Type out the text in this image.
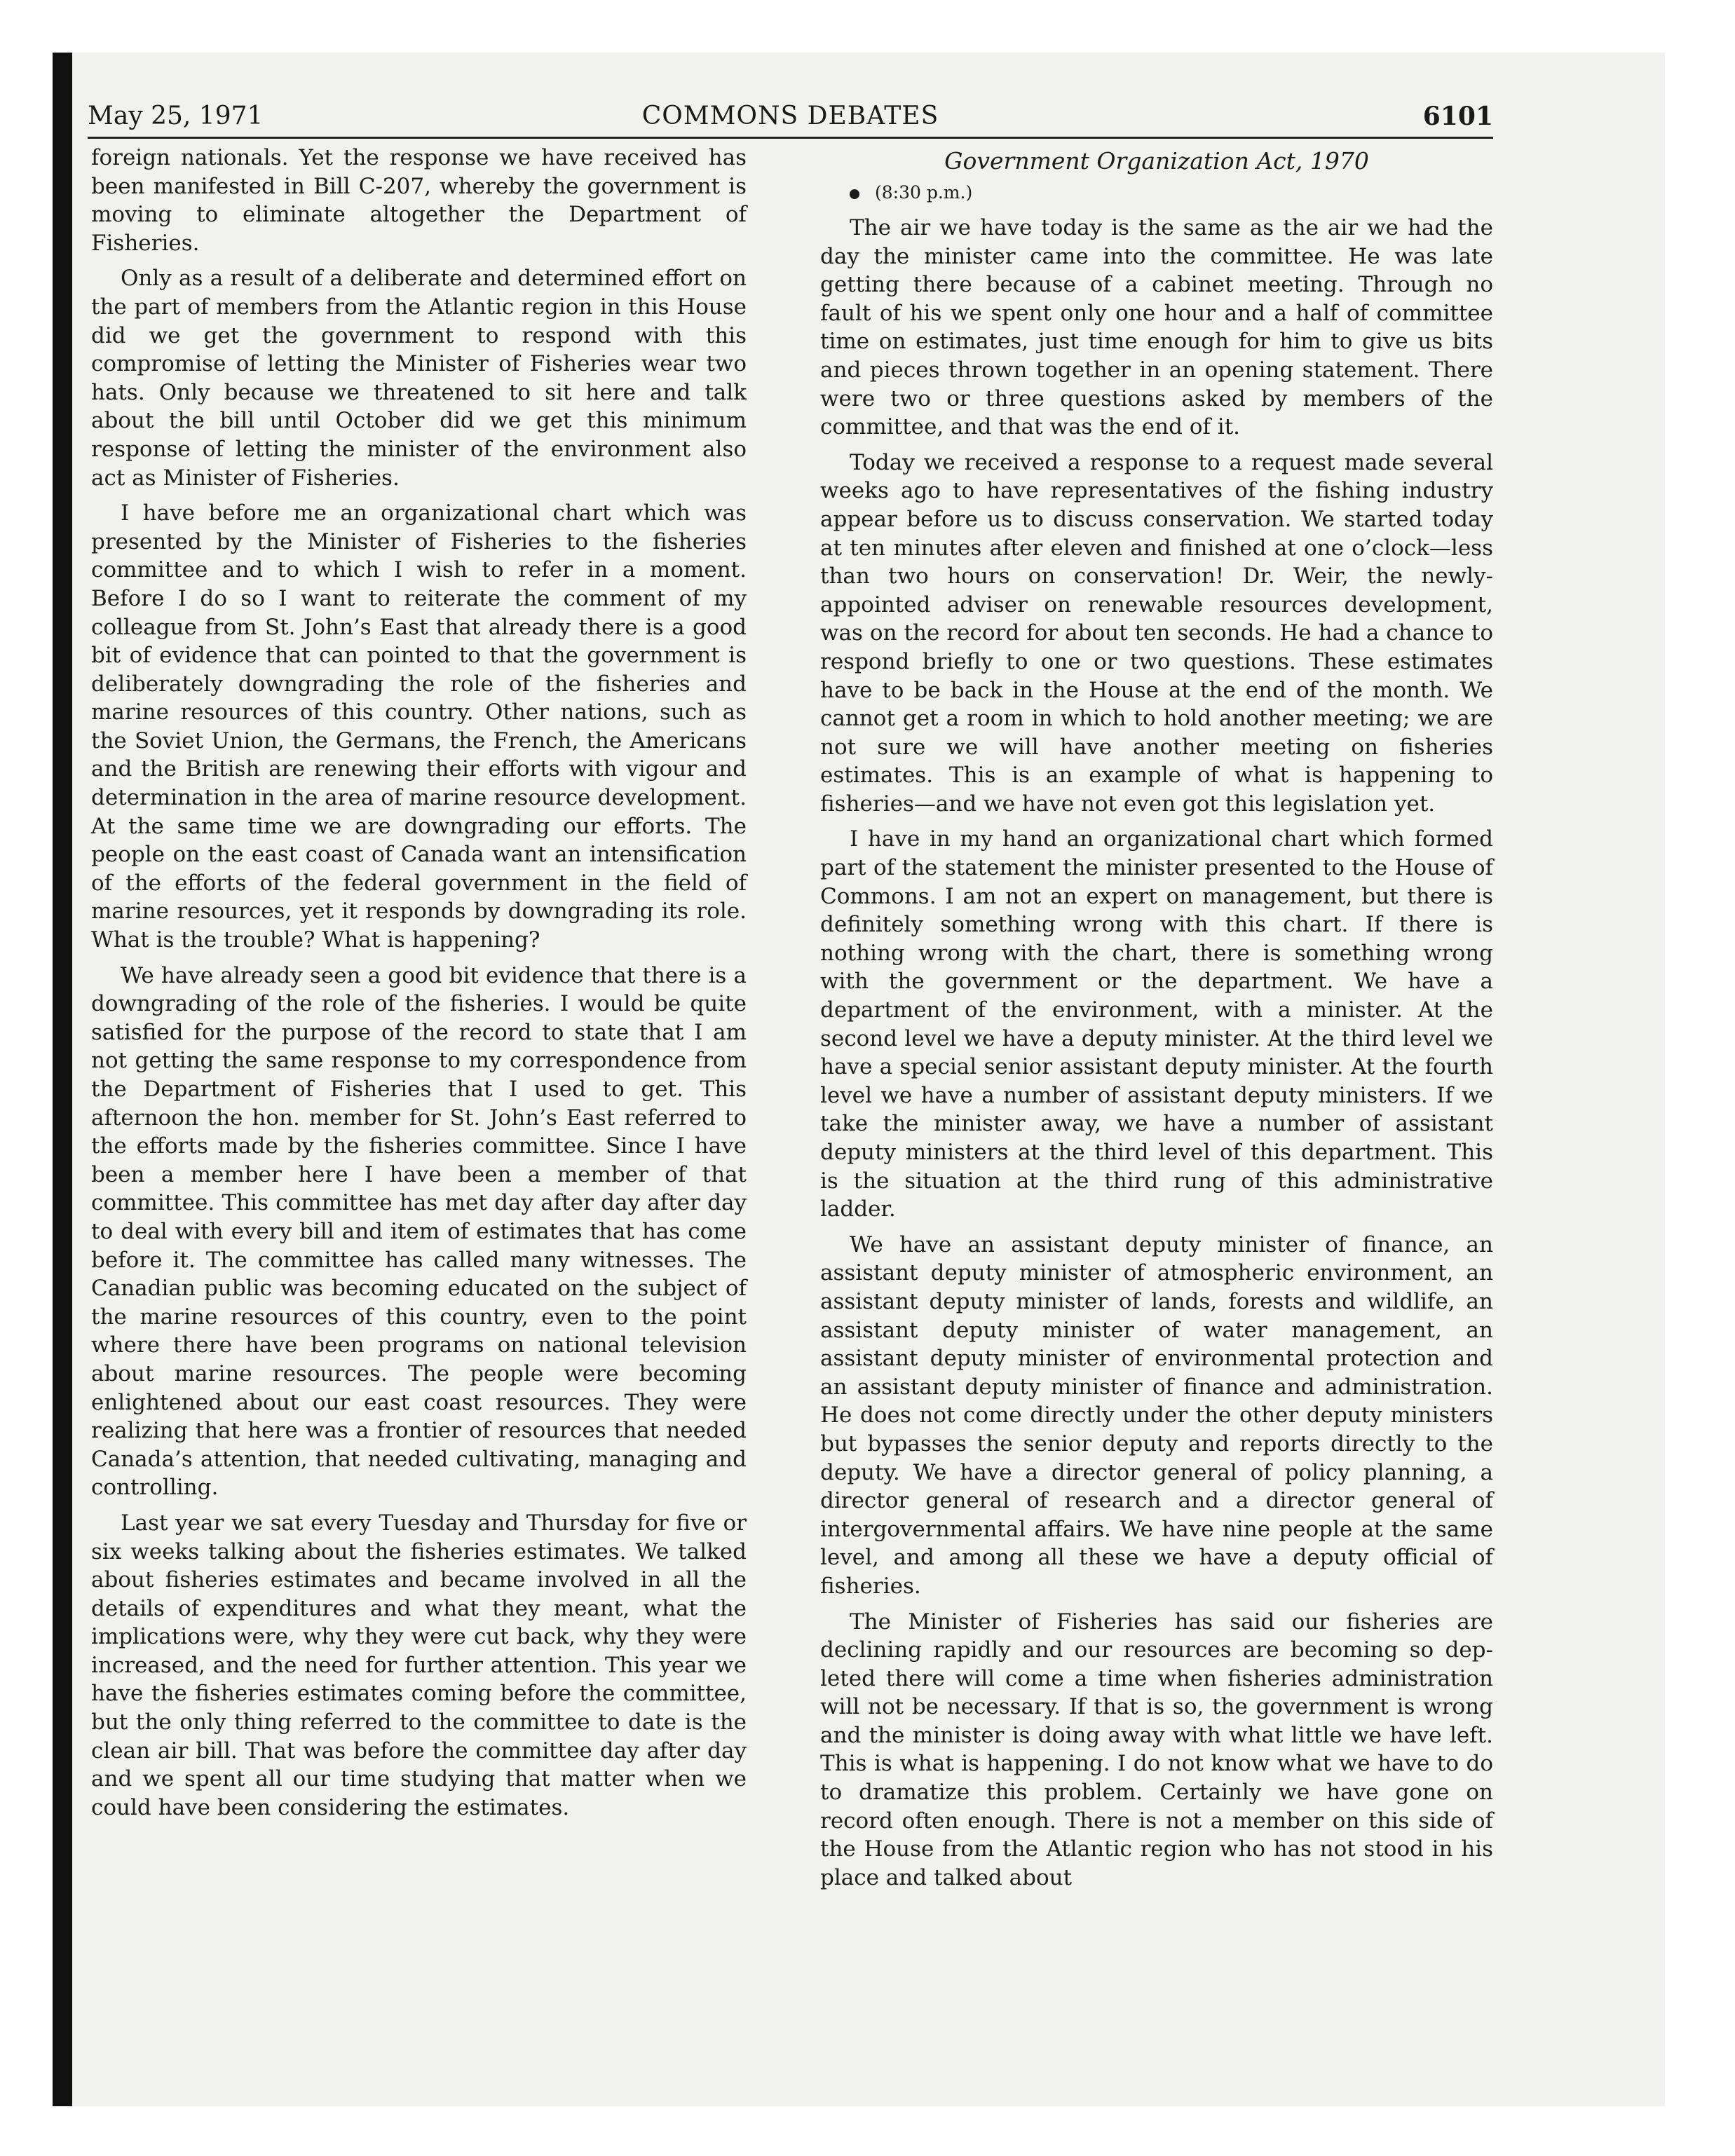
May 25, 1971	COMMONS DEBATES	6101
Government Organization Act, 1970

foreign nationals. Yet the response we have received has been manifested in Bill C-207, whereby the government is moving to eliminate altogether the Department of Fisheries.

Only as a result of a deliberate and determined effort on the part of members from the Atlantic region in this House did we get the government to respond with this compromise of letting the Minister of Fisheries wear two hats. Only because we threatened to sit here and talk about the bill until October did we get this minimum response of letting the minister of the environment also act as Minister of Fisheries.

I have before me an organizational chart which was presented by the Minister of Fisheries to the fisheries committee and to which I wish to refer in a moment. Before I do so I want to reiterate the comment of my colleague from St. John’s East that already there is a good bit of evidence that can pointed to that the government is deliberately downgrading the role of the fisheries and marine resources of this country. Other nations, such as the Soviet Union, the Germans, the French, the Americans and the British are renewing their efforts with vigour and determination in the area of marine resource development. At the same time we are downgrading our efforts. The people on the east coast of Canada want an intensification of the efforts of the federal government in the field of marine resources, yet it responds by downgrading its role. What is the trouble? What is happening?

We have already seen a good bit evidence that there is a downgrading of the role of the fisheries. I would be quite satisfied for the purpose of the record to state that I am not getting the same response to my correspondence from the Department of Fisheries that I used to get. This afternoon the hon. member for St. John’s East referred to the efforts made by the fisheries committee. Since I have been a member here I have been a member of that committee. This committee has met day after day after day to deal with every bill and item of estimates that has come before it. The committee has called many witnesses. The Canadian public was becoming educated on the subject of the marine resources of this country, even to the point where there have been programs on national television about marine resources. The people were becoming enlightened about our east coast resources. They were realizing that here was a frontier of resources that needed Canada’s attention, that needed cultivating, managing and controlling.

Last year we sat every Tuesday and Thursday for five or six weeks talking about the fisheries estimates. We talked about fisheries estimates and became involved in all the details of expenditures and what they meant, what the implications were, why they were cut back, why they were increased, and the need for further attention. This year we have the fisheries estimates coming before the committee, but the only thing referred to the committee to date is the clean air bill. That was before the committee day after day and we spent all our time studying that matter when we could have been considering the estimates.

(8:30 p.m.)

The air we have today is the same as the air we had the day the minister came into the committee. He was late getting there because of a cabinet meeting. Through no fault of his we spent only one hour and a half of committee time on estimates, just time enough for him to give us bits and pieces thrown together in an opening statement. There were two or three questions asked by members of the committee, and that was the end of it.

Today we received a response to a request made several weeks ago to have representatives of the fishing industry appear before us to discuss conservation. We started today at ten minutes after eleven and finished at one o’clock—less than two hours on conservation! Dr. Weir, the newly-appointed adviser on renewable resources development, was on the record for about ten seconds. He had a chance to respond briefly to one or two questions. These estimates have to be back in the House at the end of the month. We cannot get a room in which to hold another meeting; we are not sure we will have another meeting on fisheries estimates. This is an example of what is happening to fisheries—and we have not even got this legislation yet.

I have in my hand an organizational chart which formed part of the statement the minister presented to the House of Commons. I am not an expert on management, but there is definitely something wrong with this chart. If there is nothing wrong with the chart, there is something wrong with the government or the department. We have a department of the environment, with a minister. At the second level we have a deputy minister. At the third level we have a special senior assistant deputy minister. At the fourth level we have a number of assistant deputy ministers. If we take the minister away, we have a number of assistant deputy ministers at the third level of this department. This is the situation at the third rung of this administrative ladder.

We have an assistant deputy minister of finance, an assistant deputy minister of atmospheric environment, an assistant deputy minister of lands, forests and wildlife, an assistant deputy minister of water management, an assistant deputy minister of environmental protection and an assistant deputy minister of finance and administration. He does not come directly under the other deputy ministers but bypasses the senior deputy and reports directly to the deputy. We have a director general of policy planning, a director general of research and a director general of intergovernmental affairs. We have nine people at the same level, and among all these we have a deputy official of fisheries.

The Minister of Fisheries has said our fisheries are declining rapidly and our resources are becoming so depleted there will come a time when fisheries administration will not be necessary. If that is so, the government is wrong and the minister is doing away with what little we have left. This is what is happening. I do not know what we have to do to dramatize this problem. Certainly we have gone on record often enough. There is not a member on this side of the House from the Atlantic region who has not stood in his place and talked about
